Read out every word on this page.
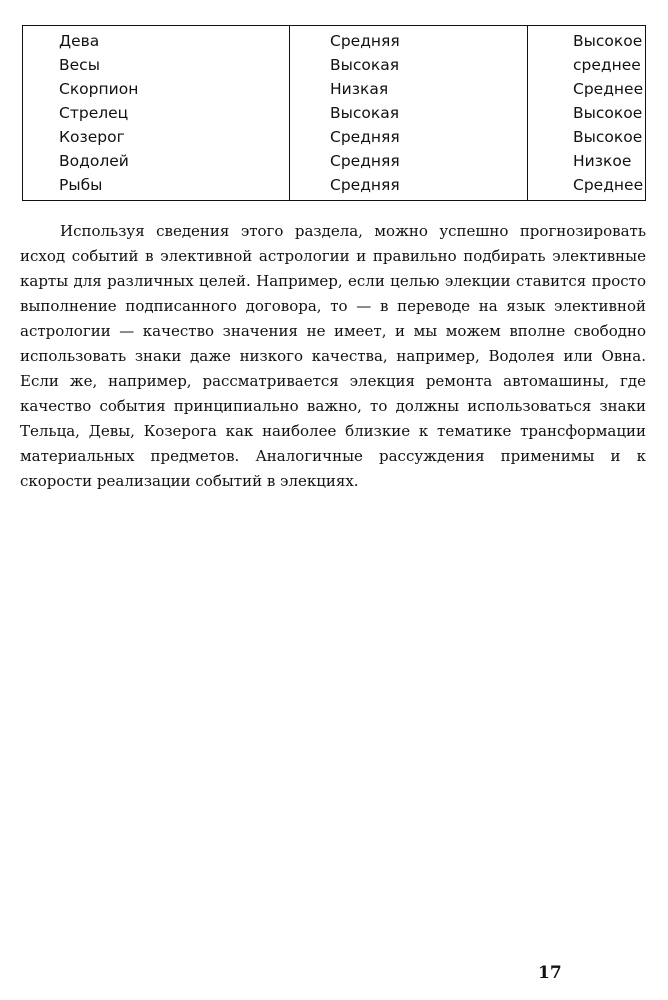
Дева	Средняя	Высокое
Весы	Высокая	среднее
Скорпион	Низкая	Среднее
Стрелец	Высокая	Высокое
Козерог	Средняя	Высокое
Водолей	Средняя	Низкое
Рыбы	Средняя	Среднее

Используя сведения этого раздела, можно успешно прогнозировать исход событий в элективной астрологии и правильно подбирать элективные карты для различных целей. Например, если целью элекции ставится просто выполнение подписанного договора, то — в переводе на язык элективной астрологии — качество значения не имеет, и мы можем вполне свободно использовать знаки даже низкого качества, например, Водолея или Овна. Если же, например, рассматривается элекция ремонта автомашины, где качество события принципиально важно, то должны использоваться знаки Тельца, Девы, Козерога как наиболее близкие к тематике трансформации материальных предметов. Аналогичные рассуждения применимы и к скорости реализации событий в элекциях.

17
